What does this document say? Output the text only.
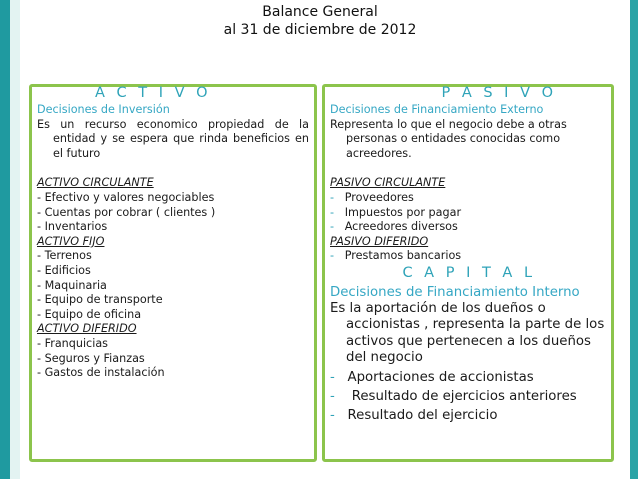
Balance General
al 31 de diciembre de 2012
A C T I V O
Decisiones de Inversión
Es un recurso economico propiedad de la entidad y se espera que rinda beneficios en el futuro
ACTIVO CIRCULANTE
- Efectivo y valores negociables
- Cuentas por cobrar ( clientes )
- Inventarios
ACTIVO FIJO
- Terrenos
- Edificios
- Maquinaria
- Equipo de transporte
- Equipo de oficina
ACTIVO DIFERIDO
- Franquicias
- Seguros y Fianzas
- Gastos de instalación
P A S I V O
Decisiones de Financiamiento Externo
Representa lo que el negocio debe a otras personas o entidades conocidas como acreedores.
PASIVO CIRCULANTE
- Proveedores
- Impuestos por pagar
- Acreedores diversos
PASIVO DIFERIDO
- Prestamos bancarios
C A P I T A L
Decisiones de Financiamiento Interno
Es la aportación de los dueños o accionistas , representa la parte de los activos que pertenecen a los dueños del negocio
- Aportaciones de accionistas
-    Resultado de ejercicios anteriores
- Resultado del ejercicio
